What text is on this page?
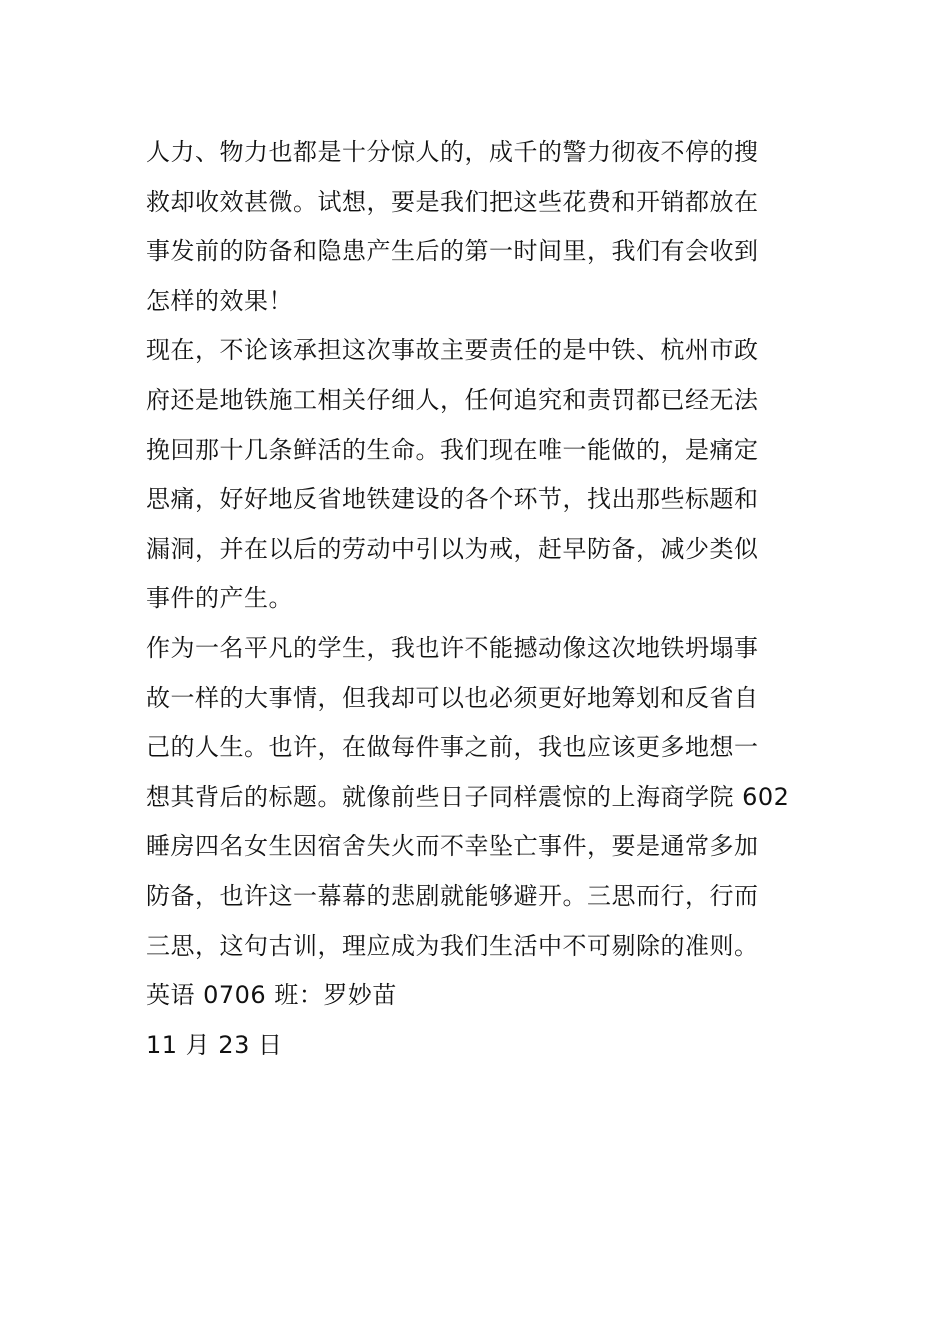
人力、物力也都是十分惊人的，成千的警力彻夜不停的搜
救却收效甚微。试想，要是我们把这些花费和开销都放在
事发前的防备和隐患产生后的第一时间里，我们有会收到
怎样的效果！
现在，不论该承担这次事故主要责任的是中铁、杭州市政
府还是地铁施工相关仔细人，任何追究和责罚都已经无法
挽回那十几条鲜活的生命。我们现在唯一能做的，是痛定
思痛，好好地反省地铁建设的各个环节，找出那些标题和
漏洞，并在以后的劳动中引以为戒，赶早防备，减少类似
事件的产生。
作为一名平凡的学生，我也许不能撼动像这次地铁坍塌事
故一样的大事情，但我却可以也必须更好地筹划和反省自
己的人生。也许，在做每件事之前，我也应该更多地想一
想其背后的标题。就像前些日子同样震惊的上海商学院 602
睡房四名女生因宿舍失火而不幸坠亡事件，要是通常多加
防备，也许这一幕幕的悲剧就能够避开。三思而行，行而
三思，这句古训，理应成为我们生活中不可剔除的准则。
英语 0706 班：罗妙苗
11 月 23 日
